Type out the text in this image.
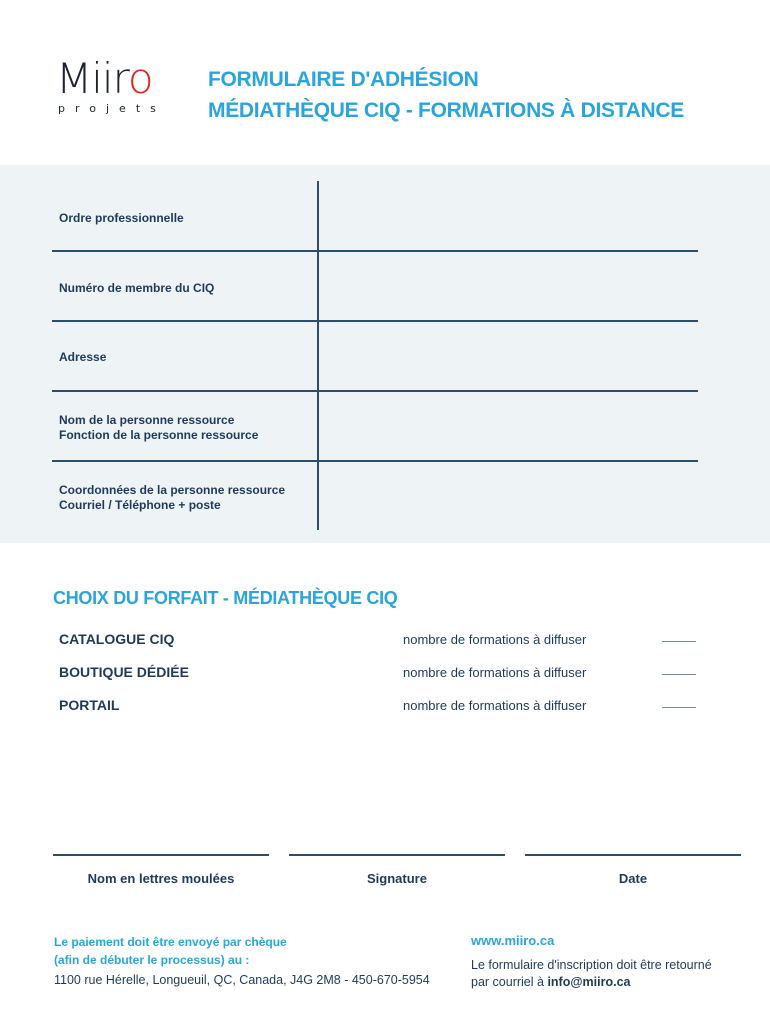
Miiro
projets
FORMULAIRE D'ADHÉSION
MÉDIATHÈQUE CIQ - FORMATIONS À DISTANCE
Ordre professionnelle
Numéro de membre du CIQ
Adresse
Nom de la personne ressource
Fonction de la personne ressource
Coordonnées de la personne ressource
Courriel / Téléphone + poste
CHOIX DU FORFAIT - MÉDIATHÈQUE CIQ
CATALOGUE CIQ	nombre de formations à diffuser
BOUTIQUE DÉDIÉE	nombre de formations à diffuser
PORTAIL	nombre de formations à diffuser
Nom en lettres moulées	Signature	Date
Le paiement doit être envoyé par chèque
(afin de débuter le processus) au :
1100 rue Hérelle, Longueuil, QC, Canada, J4G 2M8 - 450-670-5954
www.miiro.ca
Le formulaire d'inscription doit être retourné
par courriel à info@miiro.ca
